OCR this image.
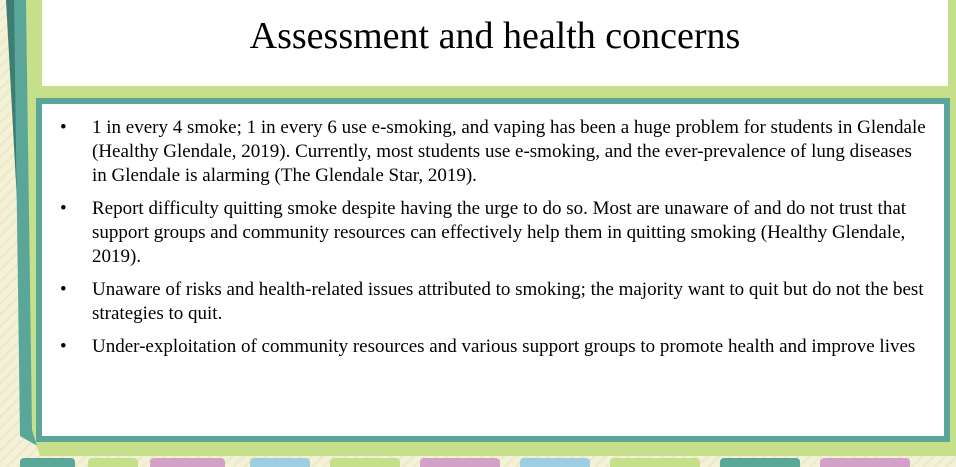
Assessment and health concerns
• 1 in every 4 smoke; 1 in every 6 use e-smoking, and vaping has been a huge problem for students in Glendale (Healthy Glendale, 2019). Currently, most students use e-smoking, and the ever-prevalence of lung diseases in Glendale is alarming (The Glendale Star, 2019).
• Report difficulty quitting smoke despite having the urge to do so. Most are unaware of and do not trust that support groups and community resources can effectively help them in quitting smoking (Healthy Glendale, 2019).
• Unaware of risks and health-related issues attributed to smoking; the majority want to quit but do not the best strategies to quit.
• Under-exploitation of community resources and various support groups to promote health and improve lives
